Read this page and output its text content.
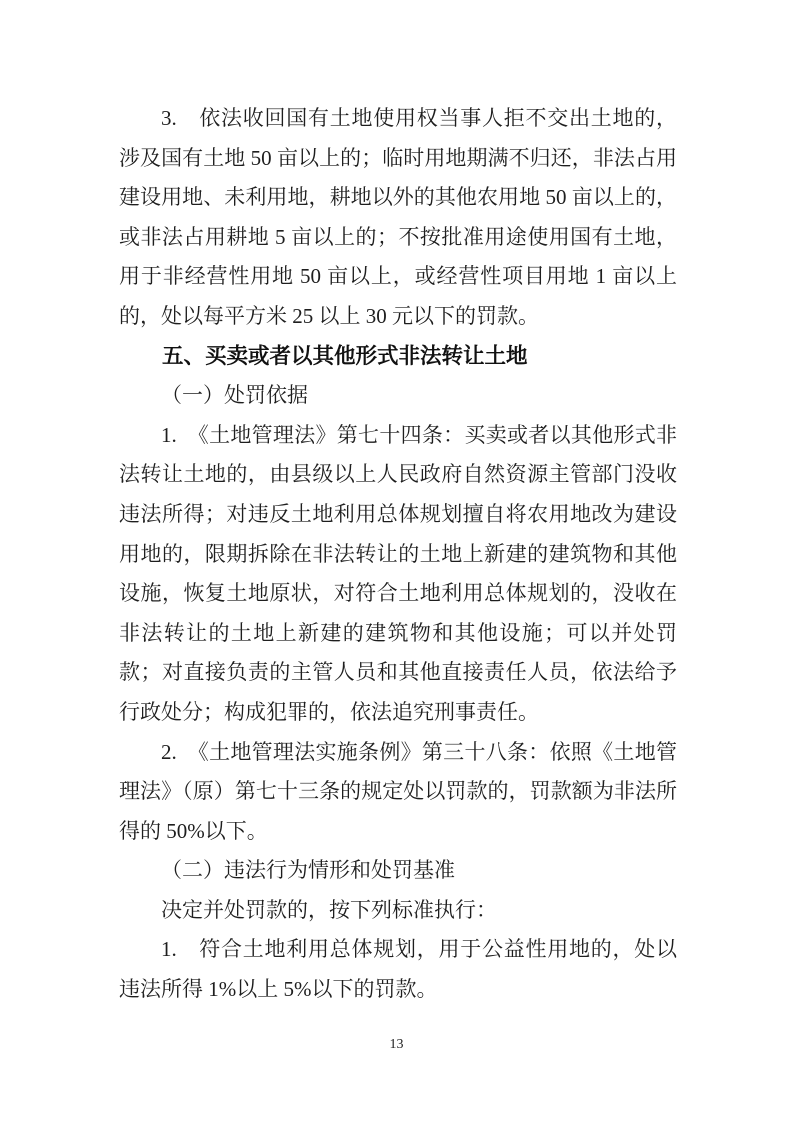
3.　依法收回国有土地使用权当事人拒不交出土地的，涉及国有土地 50 亩以上的；临时用地期满不归还，非法占用建设用地、未利用地，耕地以外的其他农用地 50 亩以上的，或非法占用耕地 5 亩以上的；不按批准用途使用国有土地，用于非经营性用地 50 亩以上，或经营性项目用地 1 亩以上的，处以每平方米 25 以上 30 元以下的罚款。

五、买卖或者以其他形式非法转让土地

（一）处罚依据

1.　《土地管理法》第七十四条：买卖或者以其他形式非法转让土地的，由县级以上人民政府自然资源主管部门没收违法所得；对违反土地利用总体规划擅自将农用地改为建设用地的，限期拆除在非法转让的土地上新建的建筑物和其他设施，恢复土地原状，对符合土地利用总体规划的，没收在非法转让的土地上新建的建筑物和其他设施；可以并处罚款；对直接负责的主管人员和其他直接责任人员，依法给予行政处分；构成犯罪的，依法追究刑事责任。

2.　《土地管理法实施条例》第三十八条：依照《土地管理法》（原）第七十三条的规定处以罚款的，罚款额为非法所得的 50%以下。

（二）违法行为情形和处罚基准

决定并处罚款的，按下列标准执行：

1.　符合土地利用总体规划，用于公益性用地的，处以违法所得 1%以上 5%以下的罚款。

13
